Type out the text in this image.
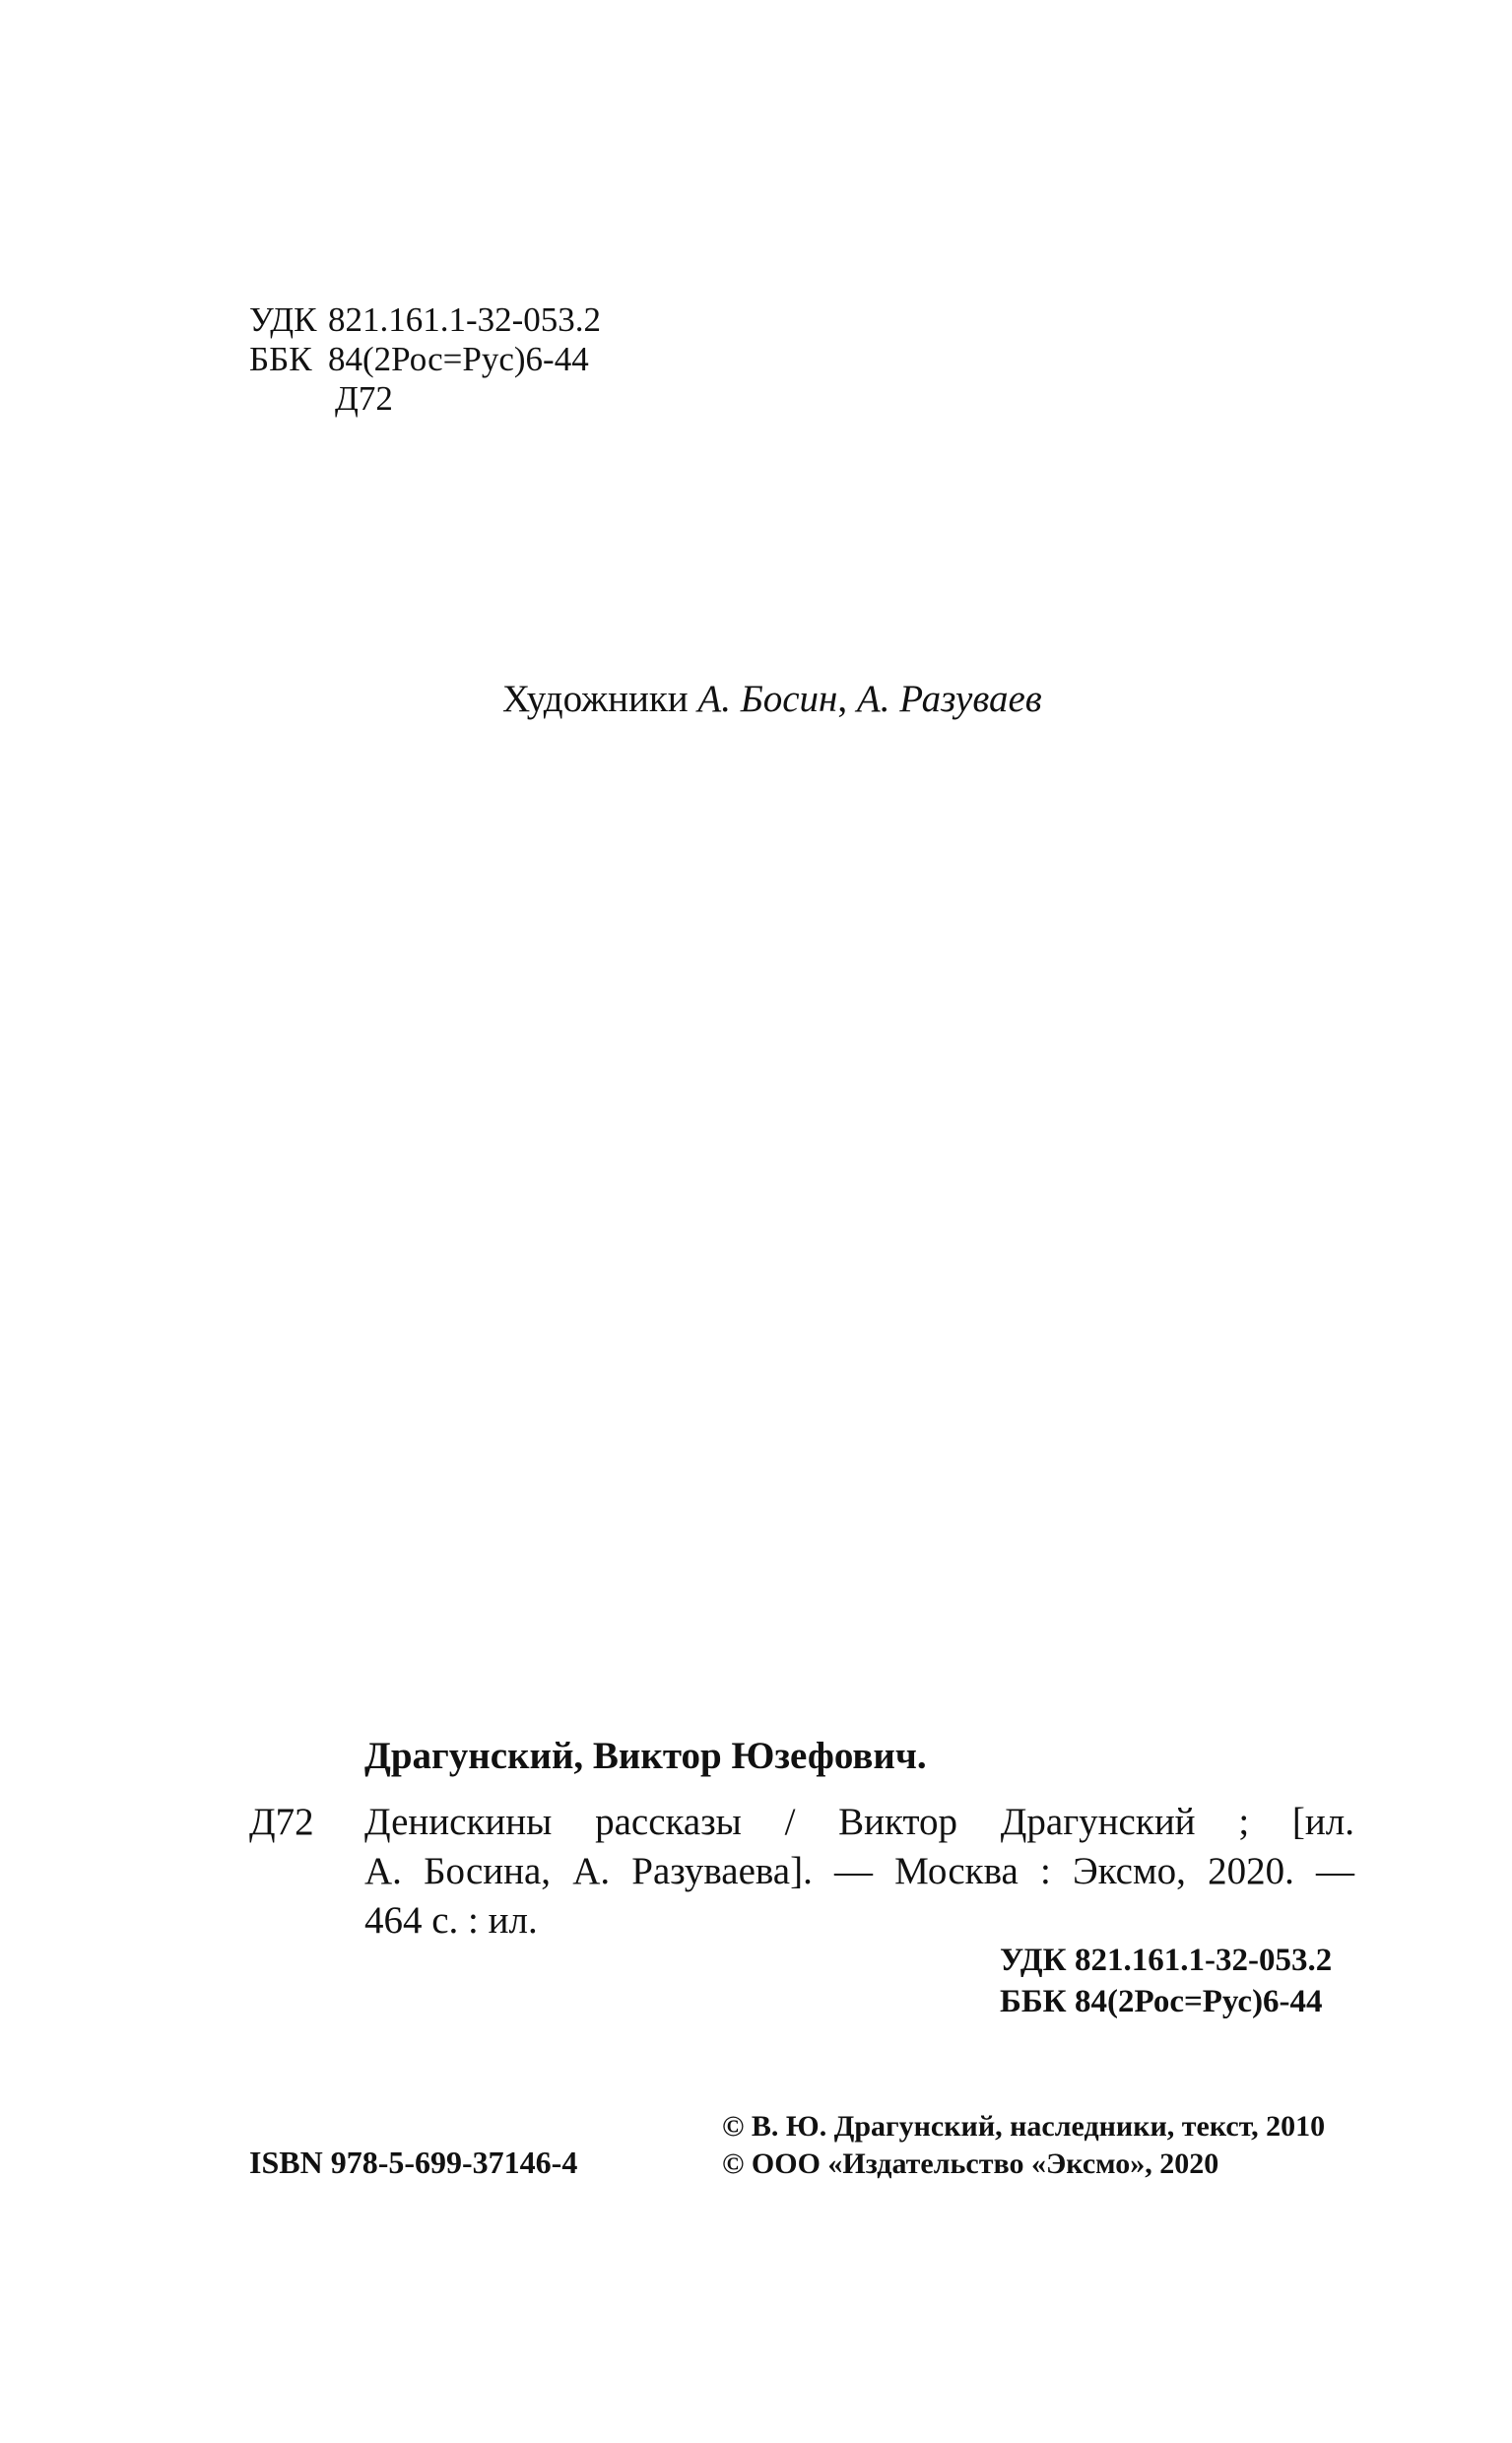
УДК 821.161.1-32-053.2
ББК 84(2Рос=Рус)6-44
Д72
Художники А. Босин, А. Разуваев
Драгунский, Виктор Юзефович.
Д72 Денискины рассказы / Виктор Драгунский ; [ил.
А. Босина, А. Разуваева]. — Москва : Эксмо, 2020. —
464 с. : ил.
УДК 821.161.1-32-053.2
ББК 84(2Рос=Рус)6-44
ISBN 978-5-699-37146-4
© В. Ю. Драгунский, наследники, текст, 2010
© ООО «Издательство «Эксмо», 2020
